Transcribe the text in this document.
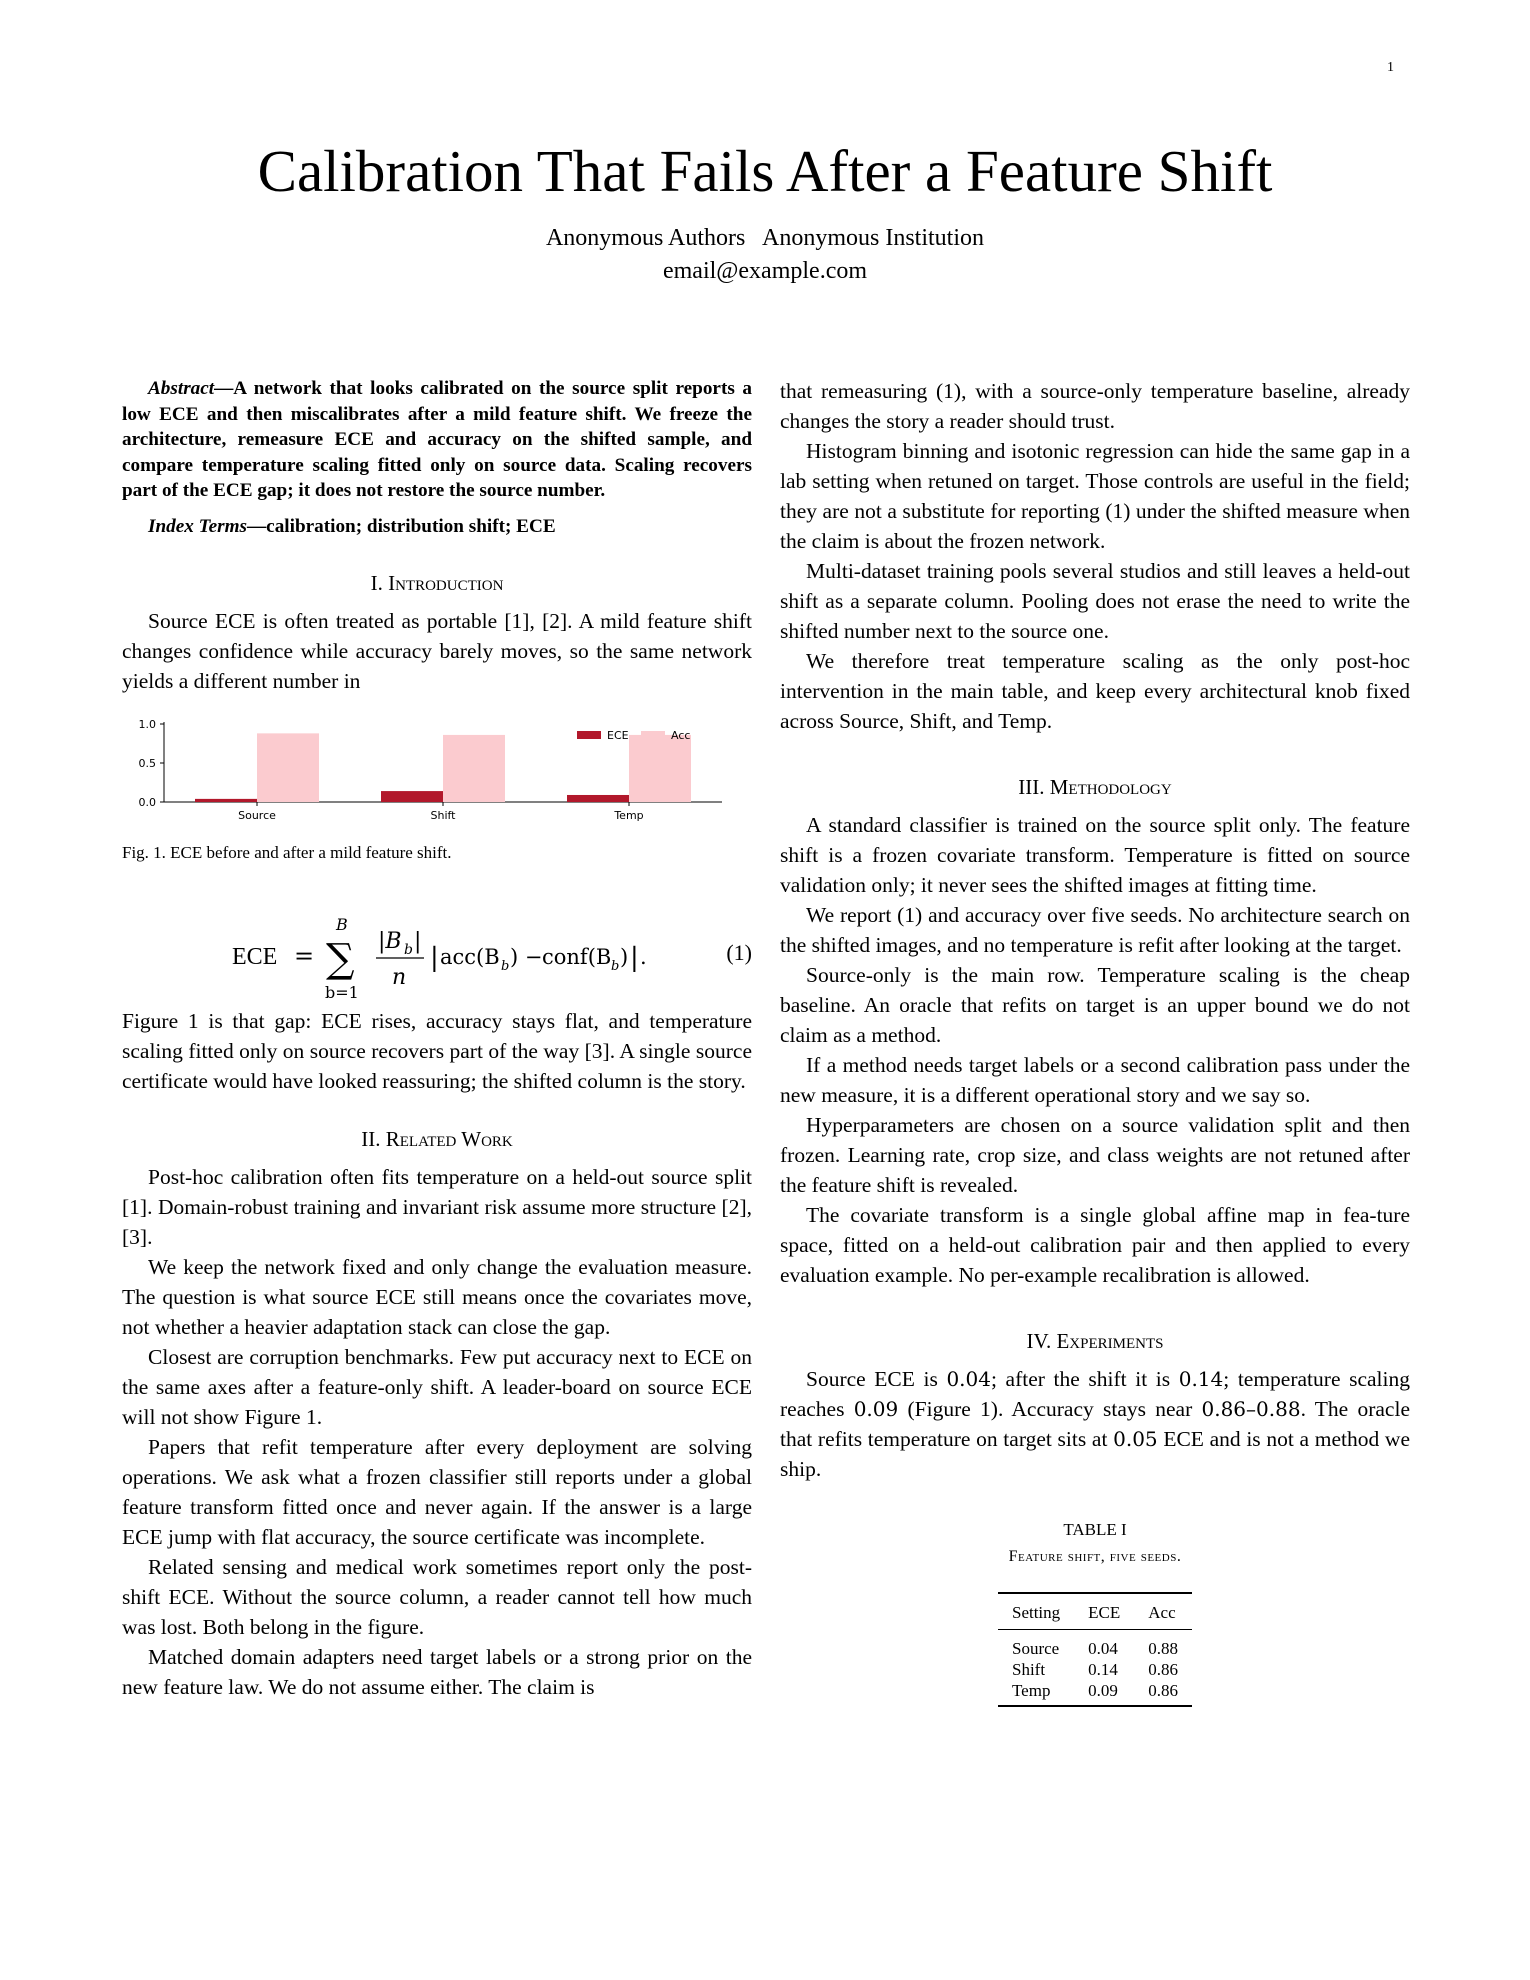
1
Calibration That Fails After a Feature Shift
Anonymous Authors   Anonymous Institution
email@example.com

Abstract—A network that looks calibrated on the source split reports a low ECE and then miscalibrates after a mild feature shift. We freeze the architecture, remeasure ECE and accuracy on the shifted sample, and compare temperature scaling fitted only on source data. Scaling recovers part of the ECE gap; it does not restore the source number.

Index Terms—calibration; distribution shift; ECE

I. Introduction

Source ECE is often treated as portable [1], [2]. A mild feature shift changes confidence while accuracy barely moves, so the same network yields a different number in

0.0
0.5
1.0
Source	Shift	Temp
ECE	Acc

Fig. 1. ECE before and after a mild feature shift.

ECE = ∑
B
b=1
|B b |
n
| acc(B b ) − conf(B b ) | .	(1)

Figure 1 is that gap: ECE rises, accuracy stays flat, and temperature scaling fitted only on source recovers part of the way [3]. A single source certificate would have looked reassuring; the shifted column is the story.

II. Related Work

Post-hoc calibration often fits temperature on a held-out source split [1]. Domain-robust training and invariant risk assume more structure [2], [3].

We keep the network fixed and only change the evaluation measure. The question is what source ECE still means once the covariates move, not whether a heavier adaptation stack can close the gap.

Closest are corruption benchmarks. Few put accuracy next to ECE on the same axes after a feature-only shift. A leader-board on source ECE will not show Figure 1.

Papers that refit temperature after every deployment are solving operations. We ask what a frozen classifier still reports under a global feature transform fitted once and never again. If the answer is a large ECE jump with flat accuracy, the source certificate was incomplete.

Related sensing and medical work sometimes report only the post-shift ECE. Without the source column, a reader cannot tell how much was lost. Both belong in the figure.

Matched domain adapters need target labels or a strong prior on the new feature law. We do not assume either. The claim is

that remeasuring (1), with a source-only temperature baseline, already changes the story a reader should trust.

Histogram binning and isotonic regression can hide the same gap in a lab setting when retuned on target. Those controls are useful in the field; they are not a substitute for reporting (1) under the shifted measure when the claim is about the frozen network.

Multi-dataset training pools several studios and still leaves a held-out shift as a separate column. Pooling does not erase the need to write the shifted number next to the source one.

We therefore treat temperature scaling as the only post-hoc intervention in the main table, and keep every architectural knob fixed across Source, Shift, and Temp.

III. Methodology

A standard classifier is trained on the source split only. The feature shift is a frozen covariate transform. Temperature is fitted on source validation only; it never sees the shifted images at fitting time.

We report (1) and accuracy over five seeds. No architecture search on the shifted images, and no temperature is refit after looking at the target.

Source-only is the main row. Temperature scaling is the cheap baseline. An oracle that refits on target is an upper bound we do not claim as a method.

If a method needs target labels or a second calibration pass under the new measure, it is a different operational story and we say so.

Hyperparameters are chosen on a source validation split and then frozen. Learning rate, crop size, and class weights are not retuned after the feature shift is revealed.

The covariate transform is a single global affine map in fea-ture space, fitted on a held-out calibration pair and then applied to every evaluation example. No per-example recalibration is allowed.

IV. Experiments

Source ECE is 0.04; after the shift it is 0.14; temperature scaling reaches 0.09 (Figure 1). Accuracy stays near 0.86–0.88. The oracle that refits temperature on target sits at 0.05 ECE and is not a method we ship.

TABLE I
Feature shift, five seeds.
Setting	ECE	Acc
Source	0.04	0.88
Shift	0.14	0.86
Temp	0.09	0.86
